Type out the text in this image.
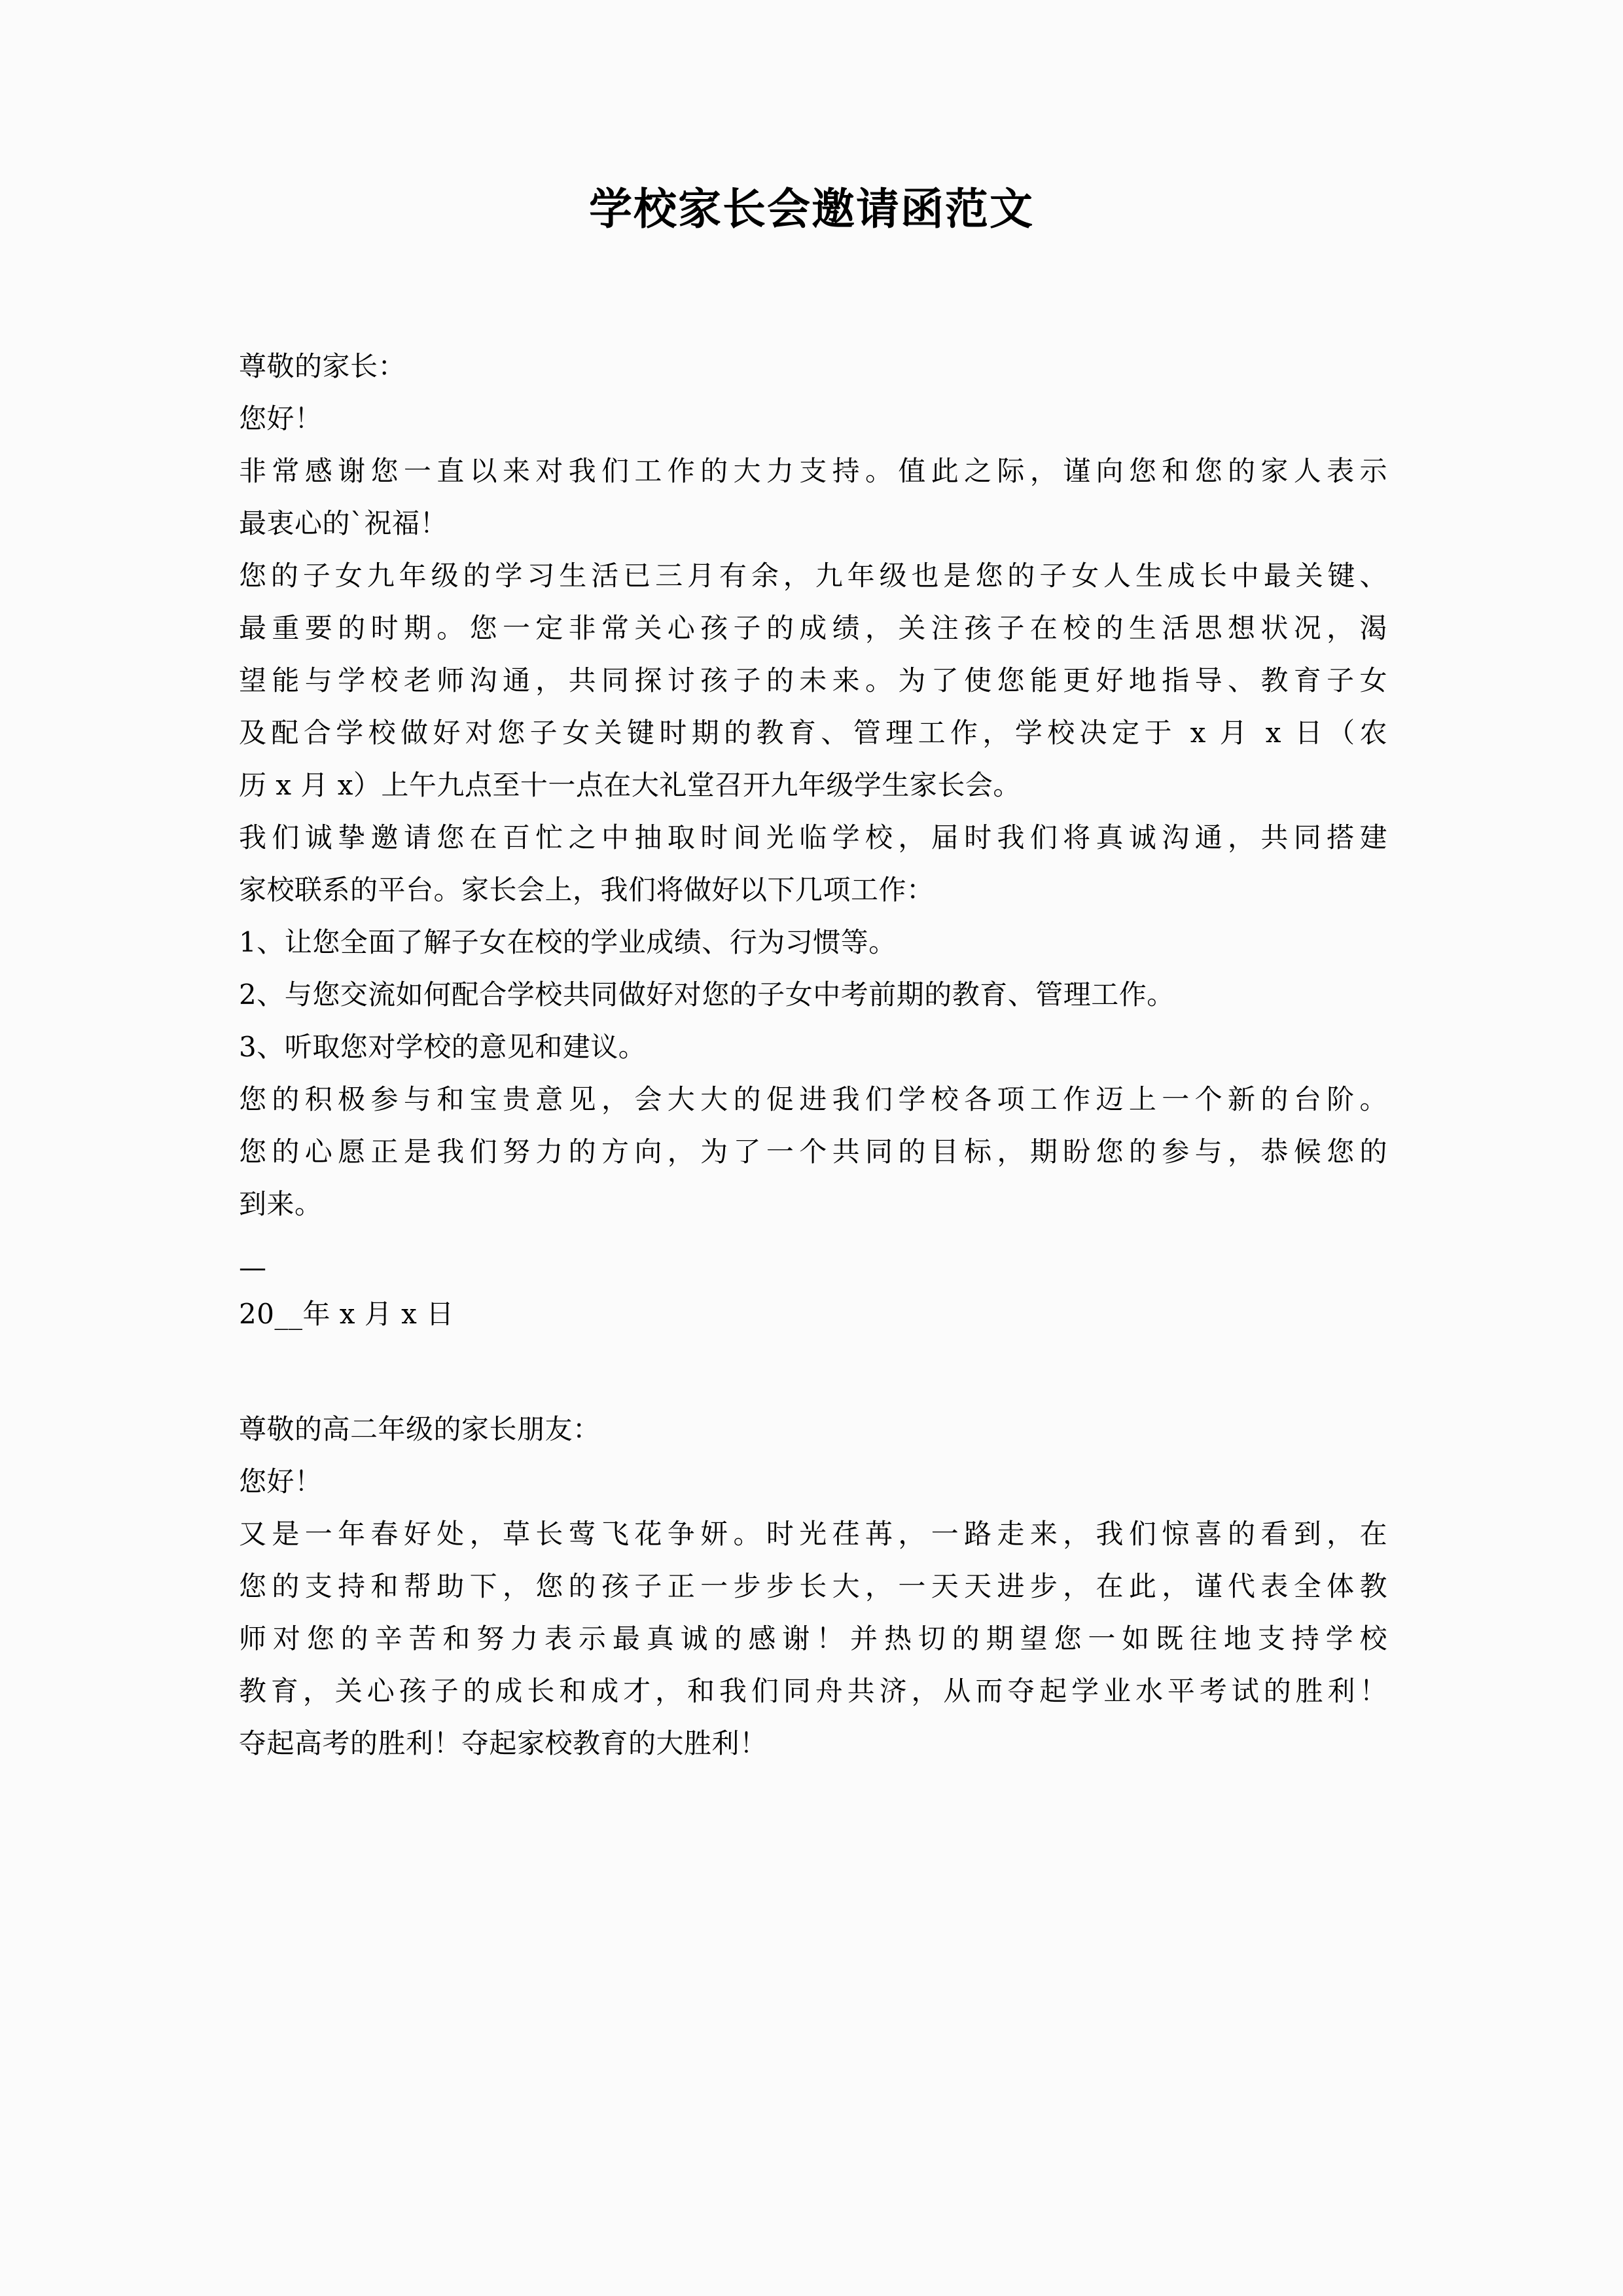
学校家长会邀请函范文
尊敬的家长：
您好！
非常感谢您一直以来对我们工作的大力支持。值此之际，谨向您和您的家人表示
最衷心的`祝福！
您的子女九年级的学习生活已三月有余，九年级也是您的子女人生成长中最关键、
最重要的时期。您一定非常关心孩子的成绩，关注孩子在校的生活思想状况，渴
望能与学校老师沟通，共同探讨孩子的未来。为了使您能更好地指导、教育子女
及配合学校做好对您子女关键时期的教育、管理工作，学校决定于 x 月 x 日（农
历 x 月 x）上午九点至十一点在大礼堂召开九年级学生家长会。
我们诚挚邀请您在百忙之中抽取时间光临学校，届时我们将真诚沟通，共同搭建
家校联系的平台。家长会上，我们将做好以下几项工作：
1、让您全面了解子女在校的学业成绩、行为习惯等。
2、与您交流如何配合学校共同做好对您的子女中考前期的教育、管理工作。
3、听取您对学校的意见和建议。
您的积极参与和宝贵意见，会大大的促进我们学校各项工作迈上一个新的台阶。
您的心愿正是我们努力的方向，为了一个共同的目标，期盼您的参与，恭候您的
到来。
—
20__年 x 月 x 日
尊敬的高二年级的家长朋友：
您好！
又是一年春好处，草长莺飞花争妍。时光荏苒，一路走来，我们惊喜的看到，在
您的支持和帮助下，您的孩子正一步步长大，一天天进步，在此，谨代表全体教
师对您的辛苦和努力表示最真诚的感谢！并热切的期望您一如既往地支持学校
教育，关心孩子的成长和成才，和我们同舟共济，从而夺起学业水平考试的胜利！
夺起高考的胜利！夺起家校教育的大胜利！
